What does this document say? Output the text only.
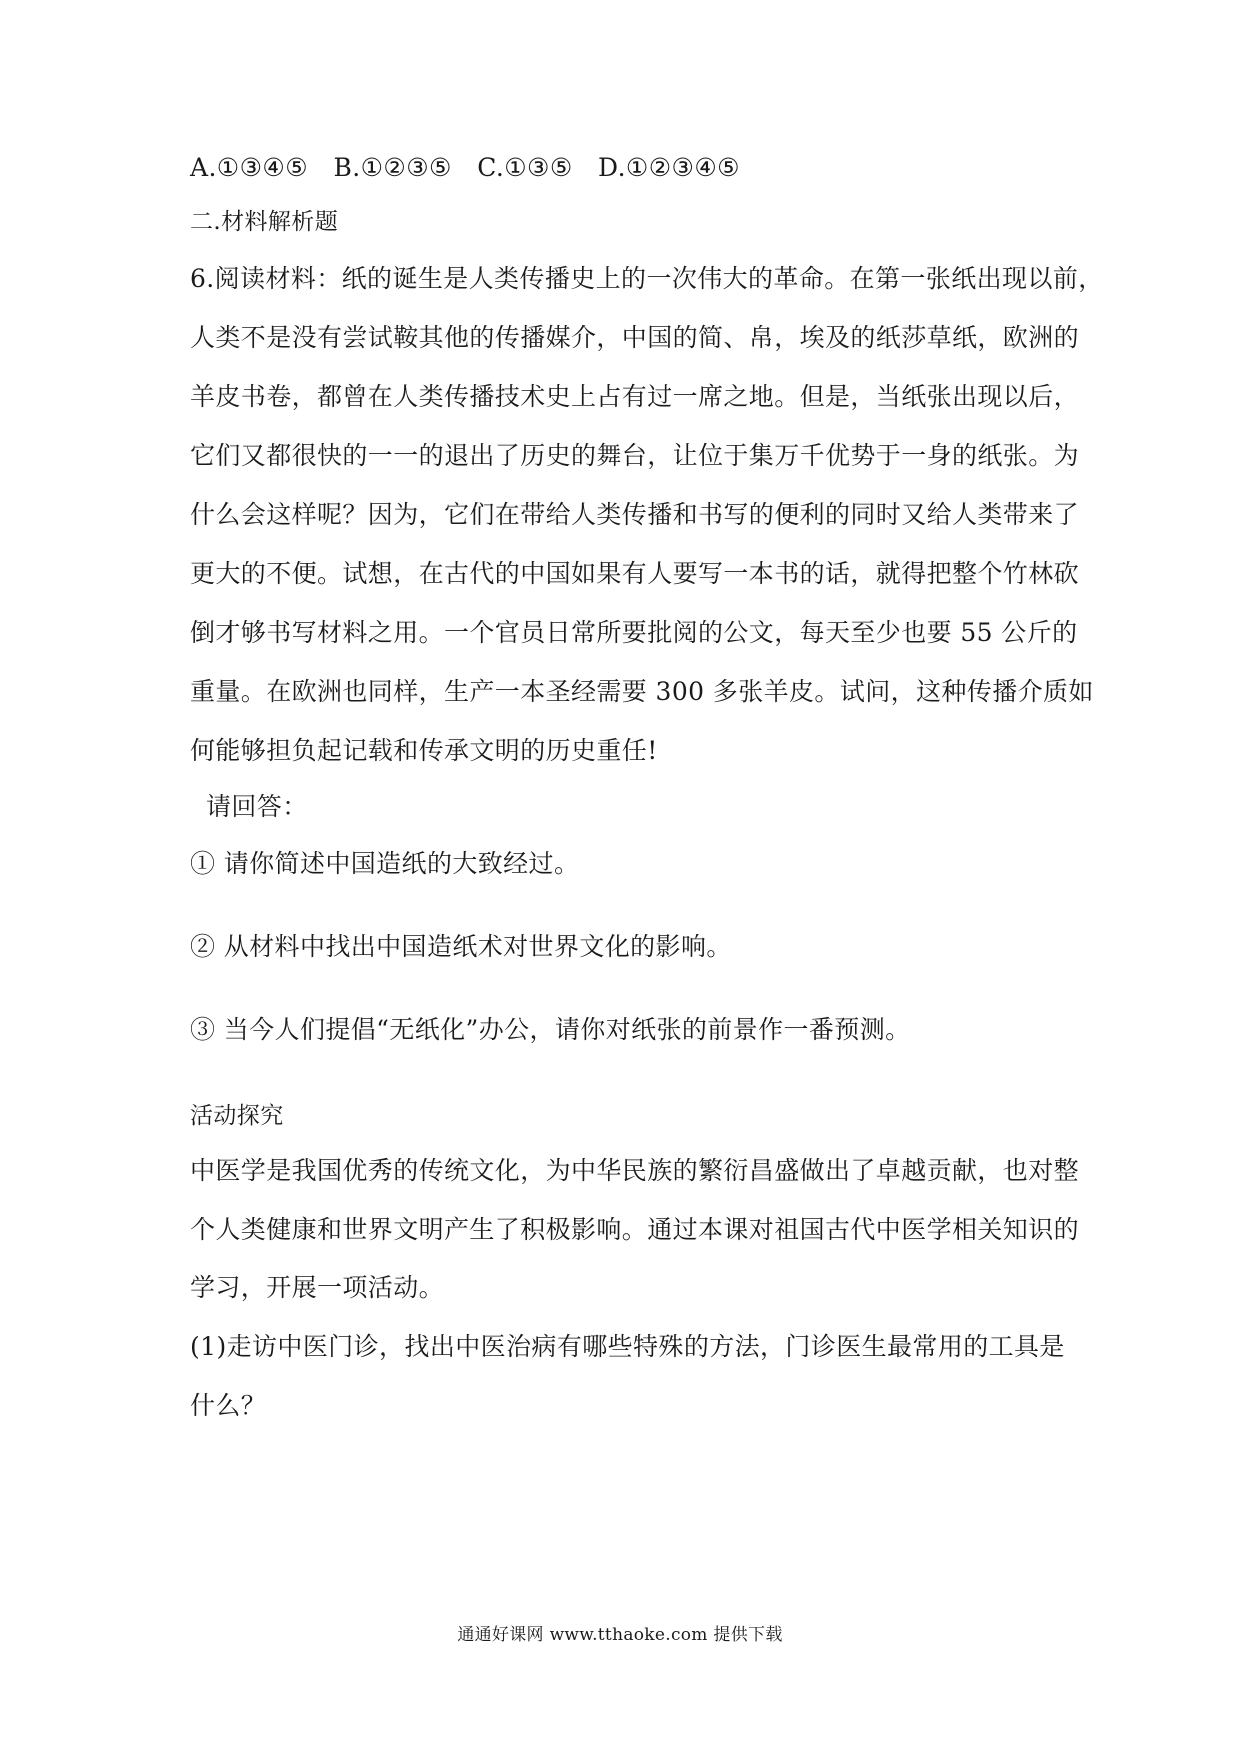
A.①③④⑤　B.①②③⑤　C.①③⑤　D.①②③④⑤
二.材料解析题
6.阅读材料：纸的诞生是人类传播史上的一次伟大的革命。在第一张纸出现以前，
人类不是没有尝试鞍其他的传播媒介，中国的简、帛，埃及的纸莎草纸，欧洲的
羊皮书卷，都曾在人类传播技术史上占有过一席之地。但是，当纸张出现以后，
它们又都很快的一一的退出了历史的舞台，让位于集万千优势于一身的纸张。为
什么会这样呢？因为，它们在带给人类传播和书写的便利的同时又给人类带来了
更大的不便。试想，在古代的中国如果有人要写一本书的话，就得把整个竹林砍
倒才够书写材料之用。一个官员日常所要批阅的公文，每天至少也要 55 公斤的
重量。在欧洲也同样，生产一本圣经需要 300 多张羊皮。试问，这种传播介质如
何能够担负起记载和传承文明的历史重任!
请回答：
① 请你简述中国造纸的大致经过。
② 从材料中找出中国造纸术对世界文化的影响。
③ 当今人们提倡“无纸化”办公，请你对纸张的前景作一番预测。
活动探究
中医学是我国优秀的传统文化，为中华民族的繁衍昌盛做出了卓越贡献，也对整
个人类健康和世界文明产生了积极影响。通过本课对祖国古代中医学相关知识的
学习，开展一项活动。
(1)走访中医门诊，找出中医治病有哪些特殊的方法，门诊医生最常用的工具是
什么？
通通好课网 www.tthaoke.com 提供下载
